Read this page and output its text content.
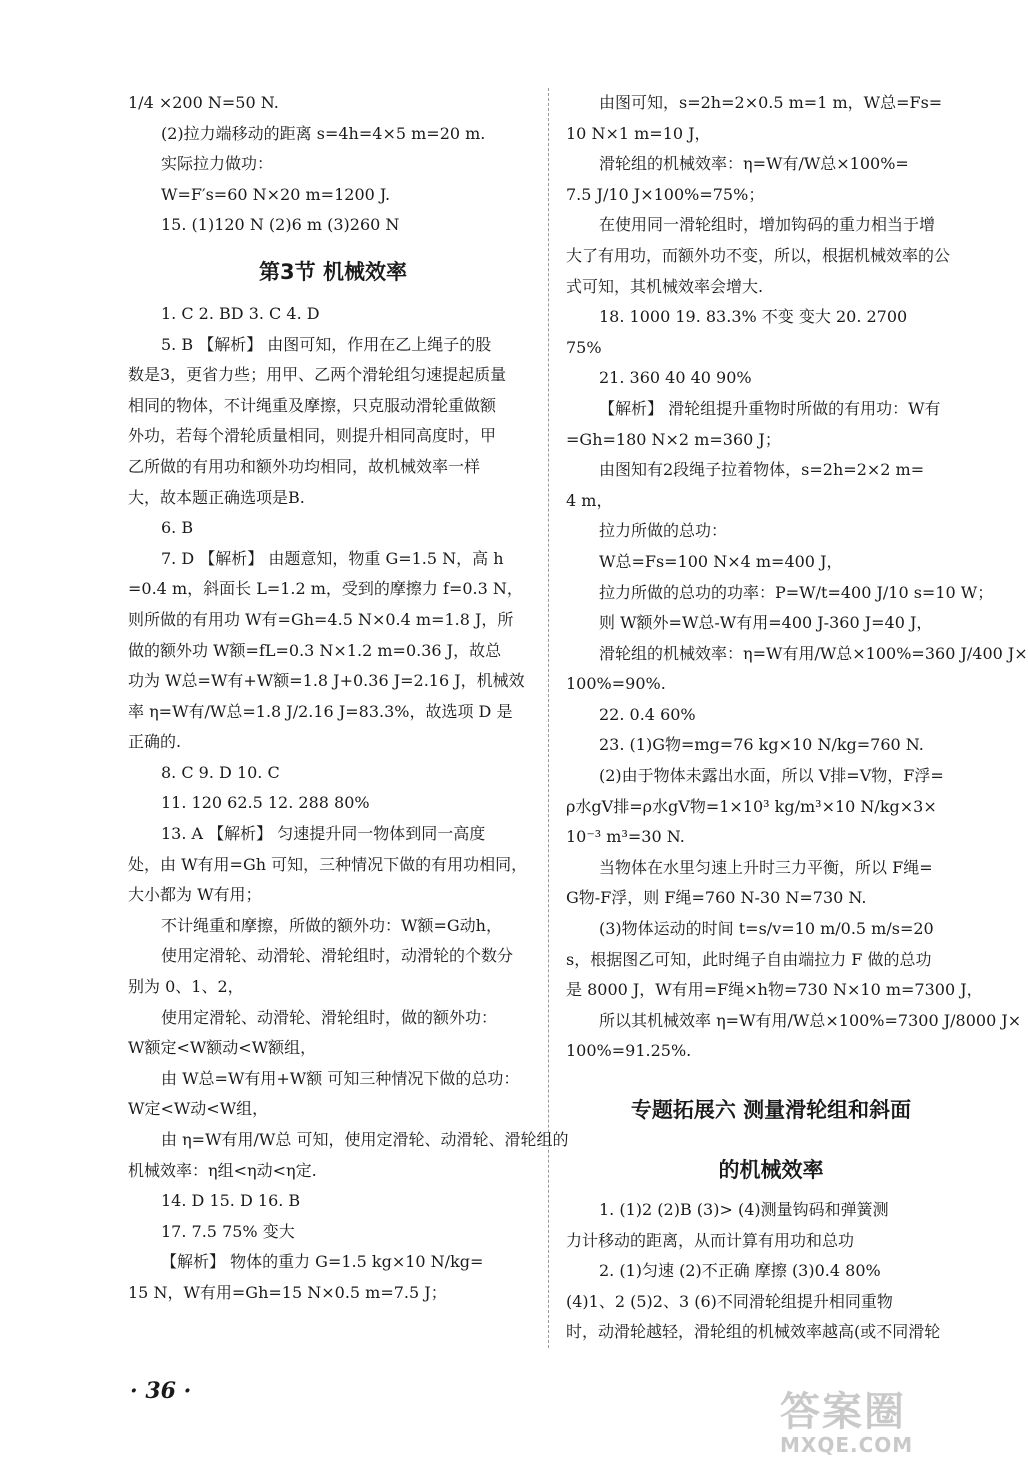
1/4 ×200 N=50 N.
(2)拉力端移动的距离 s=4h=4×5 m=20 m.
实际拉力做功：
W=F′s=60 N×20 m=1200 J.
15. (1)120 N (2)6 m (3)260 N
第3节 机械效率
1. C 2. BD 3. C 4. D
5. B 【解析】 由图可知，作用在乙上绳子的股
数是3，更省力些；用甲、乙两个滑轮组匀速提起质量
相同的物体，不计绳重及摩擦，只克服动滑轮重做额
外功，若每个滑轮质量相同，则提升相同高度时，甲
乙所做的有用功和额外功均相同，故机械效率一样
大，故本题正确选项是B.
6. B
7. D 【解析】 由题意知，物重 G=1.5 N，高 h
=0.4 m，斜面长 L=1.2 m，受到的摩擦力 f=0.3 N，
则所做的有用功 W有=Gh=4.5 N×0.4 m=1.8 J，所
做的额外功 W额=fL=0.3 N×1.2 m=0.36 J，故总
功为 W总=W有+W额=1.8 J+0.36 J=2.16 J，机械效
率 η=W有/W总=1.8 J/2.16 J=83.3%，故选项 D 是
正确的.
8. C 9. D 10. C
11. 120 62.5 12. 288 80%
13. A 【解析】 匀速提升同一物体到同一高度
处，由 W有用=Gh 可知，三种情况下做的有用功相同，
大小都为 W有用；
不计绳重和摩擦，所做的额外功：W额=G动h，
使用定滑轮、动滑轮、滑轮组时，动滑轮的个数分
别为 0、1、2，
使用定滑轮、动滑轮、滑轮组时，做的额外功：
W额定<W额动<W额组，
由 W总=W有用+W额 可知三种情况下做的总功：
W定<W动<W组，
由 η=W有用/W总 可知，使用定滑轮、动滑轮、滑轮组的
机械效率：η组<η动<η定.
14. D 15. D 16. B
17. 7.5 75% 变大
【解析】 物体的重力 G=1.5 kg×10 N/kg=
15 N，W有用=Gh=15 N×0.5 m=7.5 J；
由图可知，s=2h=2×0.5 m=1 m，W总=Fs=
10 N×1 m=10 J，
滑轮组的机械效率：η=W有/W总×100%=
7.5 J/10 J×100%=75%；
在使用同一滑轮组时，增加钩码的重力相当于增
大了有用功，而额外功不变，所以，根据机械效率的公
式可知，其机械效率会增大.
18. 1000 19. 83.3% 不变 变大 20. 2700
75%
21. 360 40 40 90%
【解析】 滑轮组提升重物时所做的有用功：W有
=Gh=180 N×2 m=360 J；
由图知有2段绳子拉着物体，s=2h=2×2 m=
4 m，
拉力所做的总功：
W总=Fs=100 N×4 m=400 J，
拉力所做的总功的功率：P=W/t=400 J/10 s=10 W；
则 W额外=W总-W有用=400 J-360 J=40 J，
滑轮组的机械效率：η=W有用/W总×100%=360 J/400 J×
100%=90%.
22. 0.4 60%
23. (1)G物=mg=76 kg×10 N/kg=760 N.
(2)由于物体未露出水面，所以 V排=V物，F浮=
ρ水gV排=ρ水gV物=1×10³ kg/m³×10 N/kg×3×
10⁻³ m³=30 N.
当物体在水里匀速上升时三力平衡，所以 F绳=
G物-F浮，则 F绳=760 N-30 N=730 N.
(3)物体运动的时间 t=s/v=10 m/0.5 m/s=20
s，根据图乙可知，此时绳子自由端拉力 F 做的总功
是 8000 J，W有用=F绳×h物=730 N×10 m=7300 J，
所以其机械效率 η=W有用/W总×100%=7300 J/8000 J×
100%=91.25%.
专题拓展六 测量滑轮组和斜面
的机械效率
1. (1)2 (2)B (3)> (4)测量钩码和弹簧测
力计移动的距离，从而计算有用功和总功
2. (1)匀速 (2)不正确 摩擦 (3)0.4 80%
(4)1、2 (5)2、3 (6)不同滑轮组提升相同重物
时，动滑轮越轻，滑轮组的机械效率越高(或不同滑轮
· 36 ·	答案圈
MXQE.COM
